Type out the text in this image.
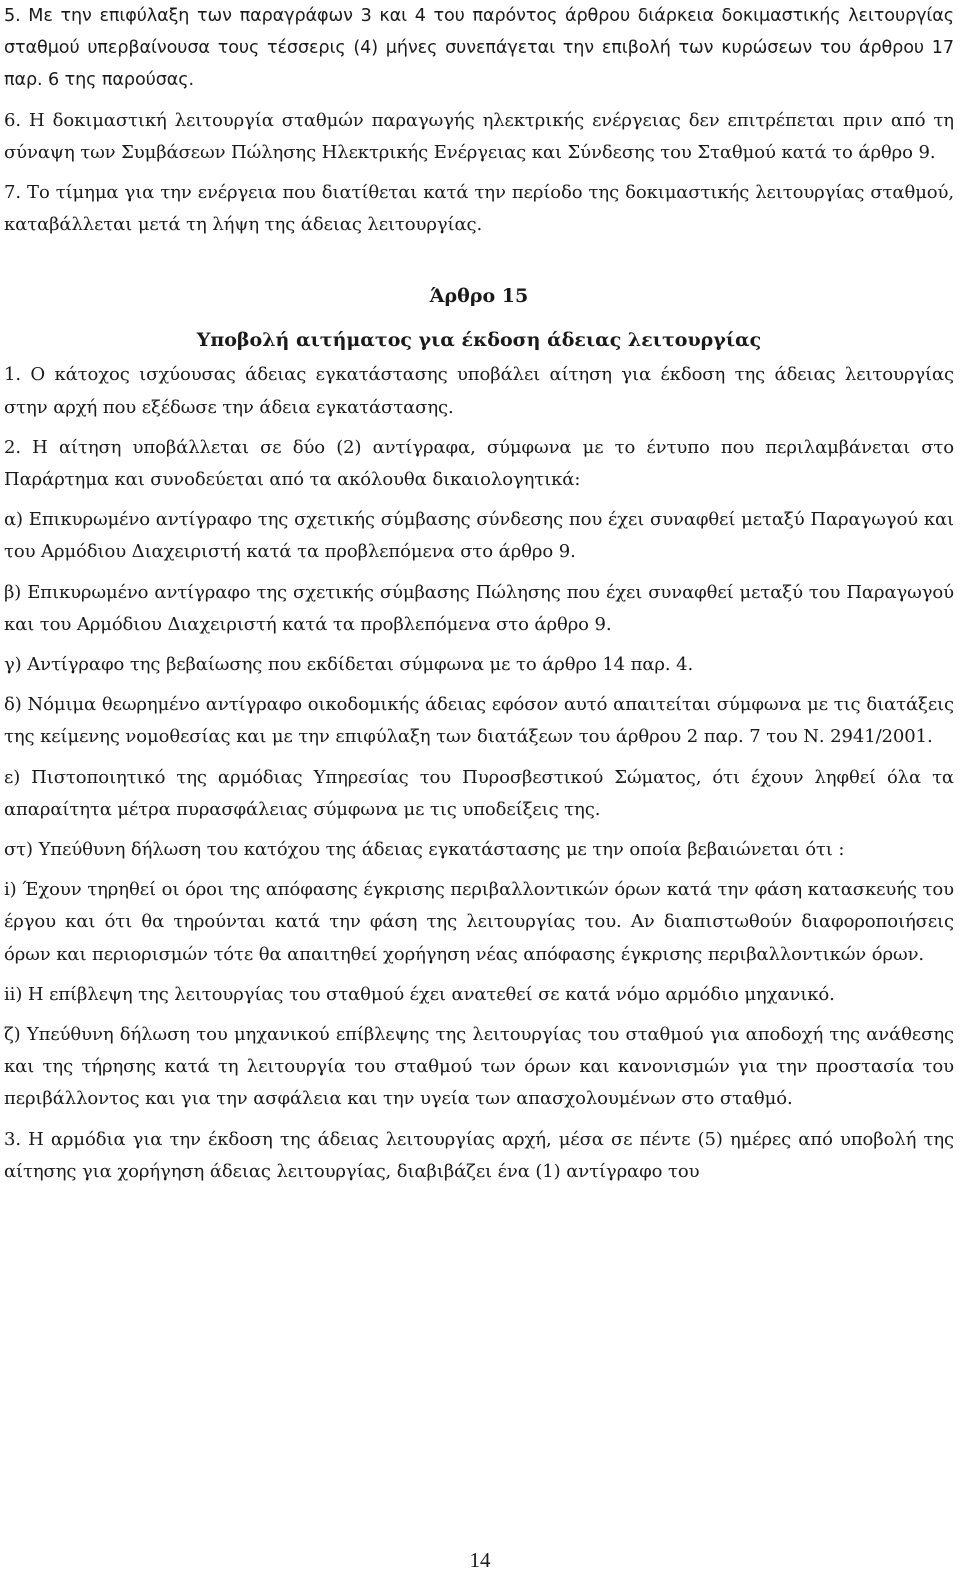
5. Με την επιφύλαξη των παραγράφων 3 και 4 του παρόντος άρθρου διάρκεια δοκιμαστικής λειτουργίας σταθμού υπερβαίνουσα τους τέσσερις (4) μήνες συνεπάγεται την επιβολή των κυρώσεων του άρθρου 17 παρ. 6 της παρούσας.

6. Η δοκιμαστική λειτουργία σταθμών παραγωγής ηλεκτρικής ενέργειας δεν επιτρέπεται πριν από τη σύναψη των Συμβάσεων Πώλησης Ηλεκτρικής Ενέργειας και Σύνδεσης του Σταθμού κατά το άρθρο 9.

7. Το τίμημα για την ενέργεια που διατίθεται κατά την περίοδο της δοκιμαστικής λειτουργίας σταθμού, καταβάλλεται μετά τη λήψη της άδειας λειτουργίας.

Άρθρο 15

Υποβολή αιτήματος για έκδοση άδειας λειτουργίας

1. Ο κάτοχος ισχύουσας άδειας εγκατάστασης υποβάλει αίτηση για έκδοση της άδειας λειτουργίας στην αρχή που εξέδωσε την άδεια εγκατάστασης.

2. Η αίτηση υποβάλλεται σε δύο (2) αντίγραφα, σύμφωνα με το έντυπο που περιλαμβάνεται στο Παράρτημα και συνοδεύεται από τα ακόλουθα δικαιολογητικά:

α) Επικυρωμένο αντίγραφο της σχετικής σύμβασης σύνδεσης που έχει συναφθεί μεταξύ Παραγωγού και του Αρμόδιου Διαχειριστή κατά τα προβλεπόμενα στο άρθρο 9.

β) Επικυρωμένο αντίγραφο της σχετικής σύμβασης Πώλησης που έχει συναφθεί μεταξύ του Παραγωγού και του Αρμόδιου Διαχειριστή κατά τα προβλεπόμενα στο άρθρο 9.

γ) Αντίγραφο της βεβαίωσης που εκδίδεται σύμφωνα με το άρθρο 14 παρ. 4.

δ) Νόμιμα θεωρημένο αντίγραφο οικοδομικής άδειας εφόσον αυτό απαιτείται σύμφωνα με τις διατάξεις της κείμενης νομοθεσίας και με την επιφύλαξη των διατάξεων του άρθρου 2 παρ. 7 του Ν. 2941/2001.

ε) Πιστοποιητικό της αρμόδιας Υπηρεσίας του Πυροσβεστικού Σώματος, ότι έχουν ληφθεί όλα τα απαραίτητα μέτρα πυρασφάλειας σύμφωνα με τις υποδείξεις της.

στ) Υπεύθυνη δήλωση του κατόχου της άδειας εγκατάστασης με την οποία βεβαιώνεται ότι :

i) Έχουν τηρηθεί οι όροι της απόφασης έγκρισης περιβαλλοντικών όρων κατά την φάση κατασκευής του έργου και ότι θα τηρούνται κατά την φάση της λειτουργίας του. Αν διαπιστωθούν διαφοροποιήσεις όρων και περιορισμών τότε θα απαιτηθεί χορήγηση νέας απόφασης έγκρισης περιβαλλοντικών όρων.

ii) Η επίβλεψη της λειτουργίας του σταθμού έχει ανατεθεί σε κατά νόμο αρμόδιο μηχανικό.

ζ) Υπεύθυνη δήλωση του μηχανικού επίβλεψης της λειτουργίας του σταθμού για αποδοχή της ανάθεσης και της τήρησης κατά τη λειτουργία του σταθμού των όρων και κανονισμών για την προστασία του περιβάλλοντος και για την ασφάλεια και την υγεία των απασχολουμένων στο σταθμό.

3. Η αρμόδια για την έκδοση της άδειας λειτουργίας αρχή, μέσα σε πέντε (5) ημέρες από υποβολή της αίτησης για χορήγηση άδειας λειτουργίας, διαβιβάζει ένα (1) αντίγραφο του

14
